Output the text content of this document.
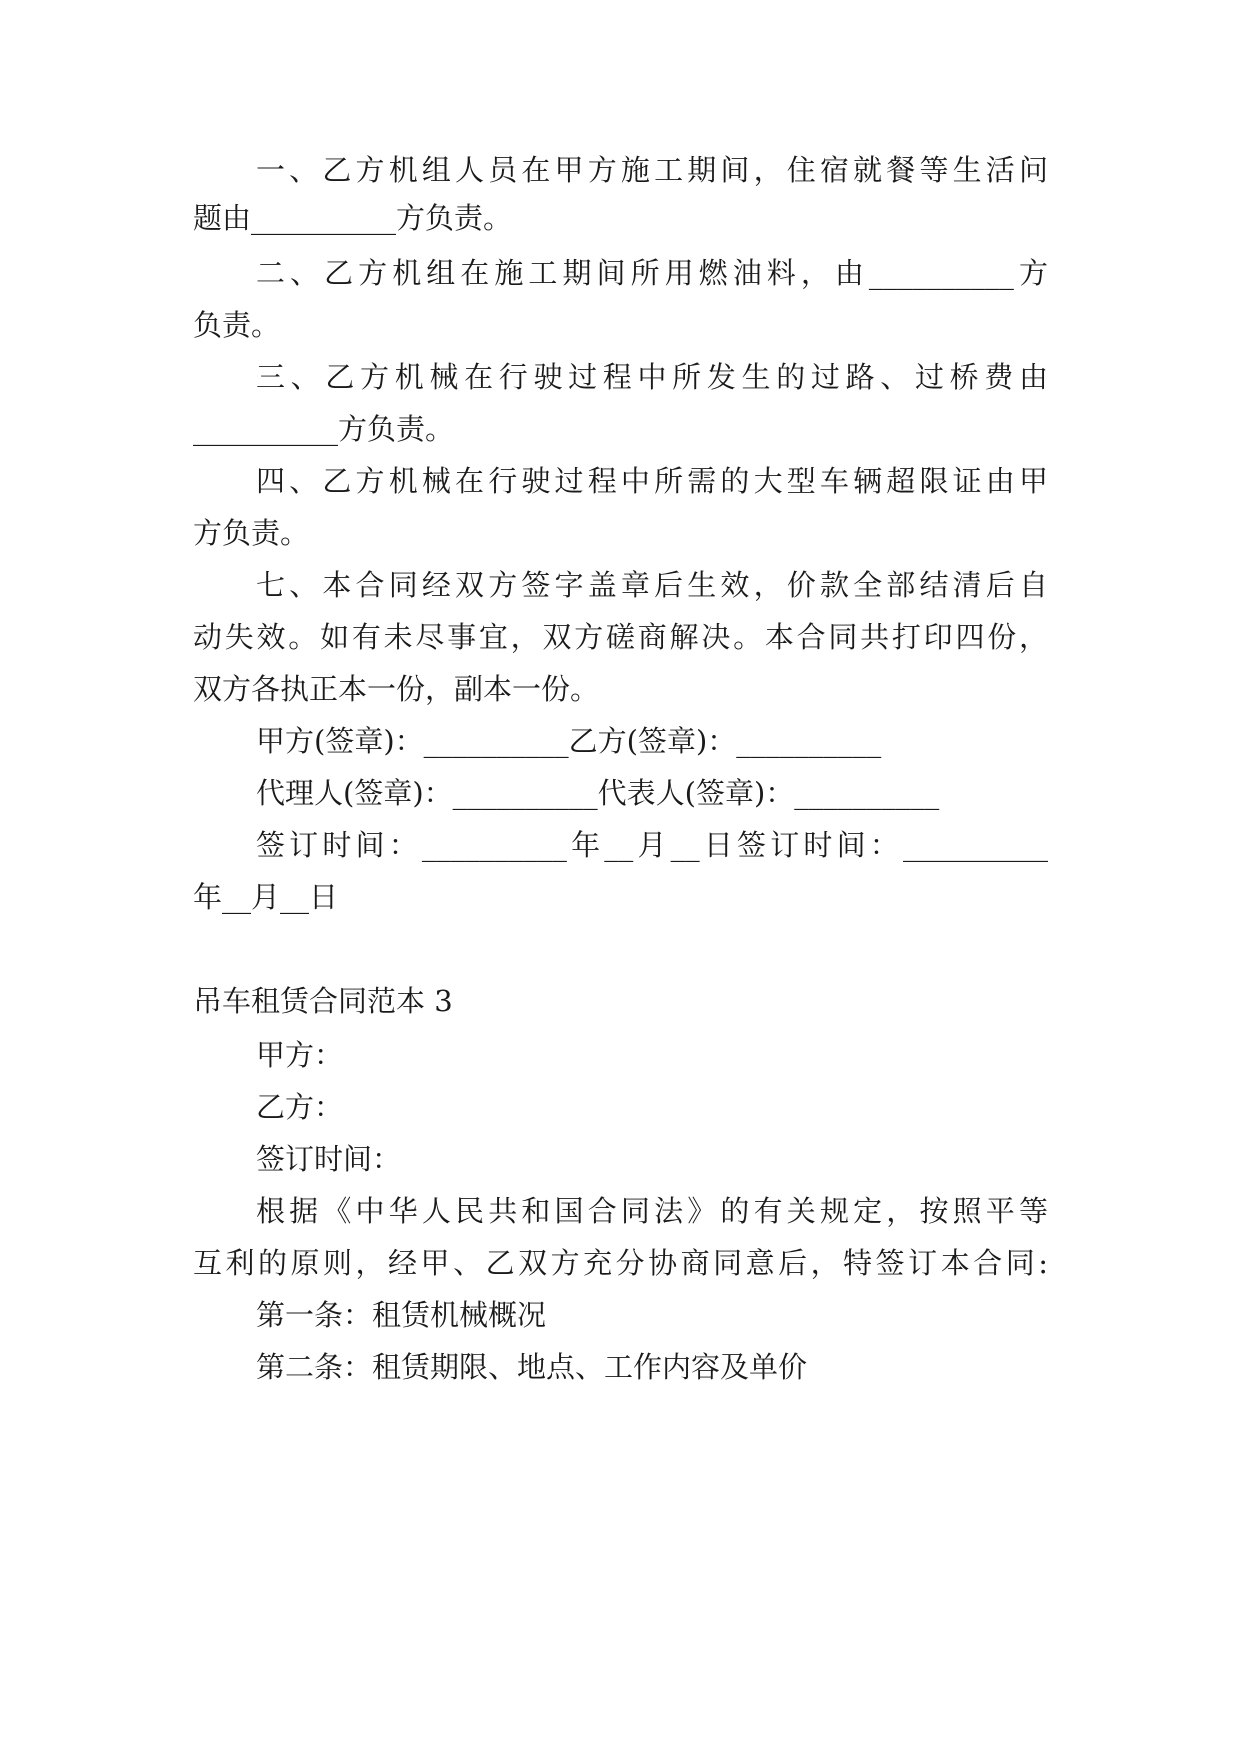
一、乙方机组人员在甲方施工期间，住宿就餐等生活问
题由__________方负责。
二、乙方机组在施工期间所用燃油料，由__________方
负责。
三、乙方机械在行驶过程中所发生的过路、过桥费由
__________方负责。
四、乙方机械在行驶过程中所需的大型车辆超限证由甲
方负责。
七、本合同经双方签字盖章后生效，价款全部结清后自
动失效。如有未尽事宜，双方磋商解决。本合同共打印四份，
双方各执正本一份，副本一份。
甲方(签章)：__________乙方(签章)：__________
代理人(签章)：__________代表人(签章)：__________
签订时间：__________年__月__日签订时间：__________
年__月__日
吊车租赁合同范本 3
甲方：
乙方：
签订时间：
根据《中华人民共和国合同法》的有关规定，按照平等
互利的原则，经甲、乙双方充分协商同意后，特签订本合同:
第一条：租赁机械概况
第二条：租赁期限、地点、工作内容及单价
